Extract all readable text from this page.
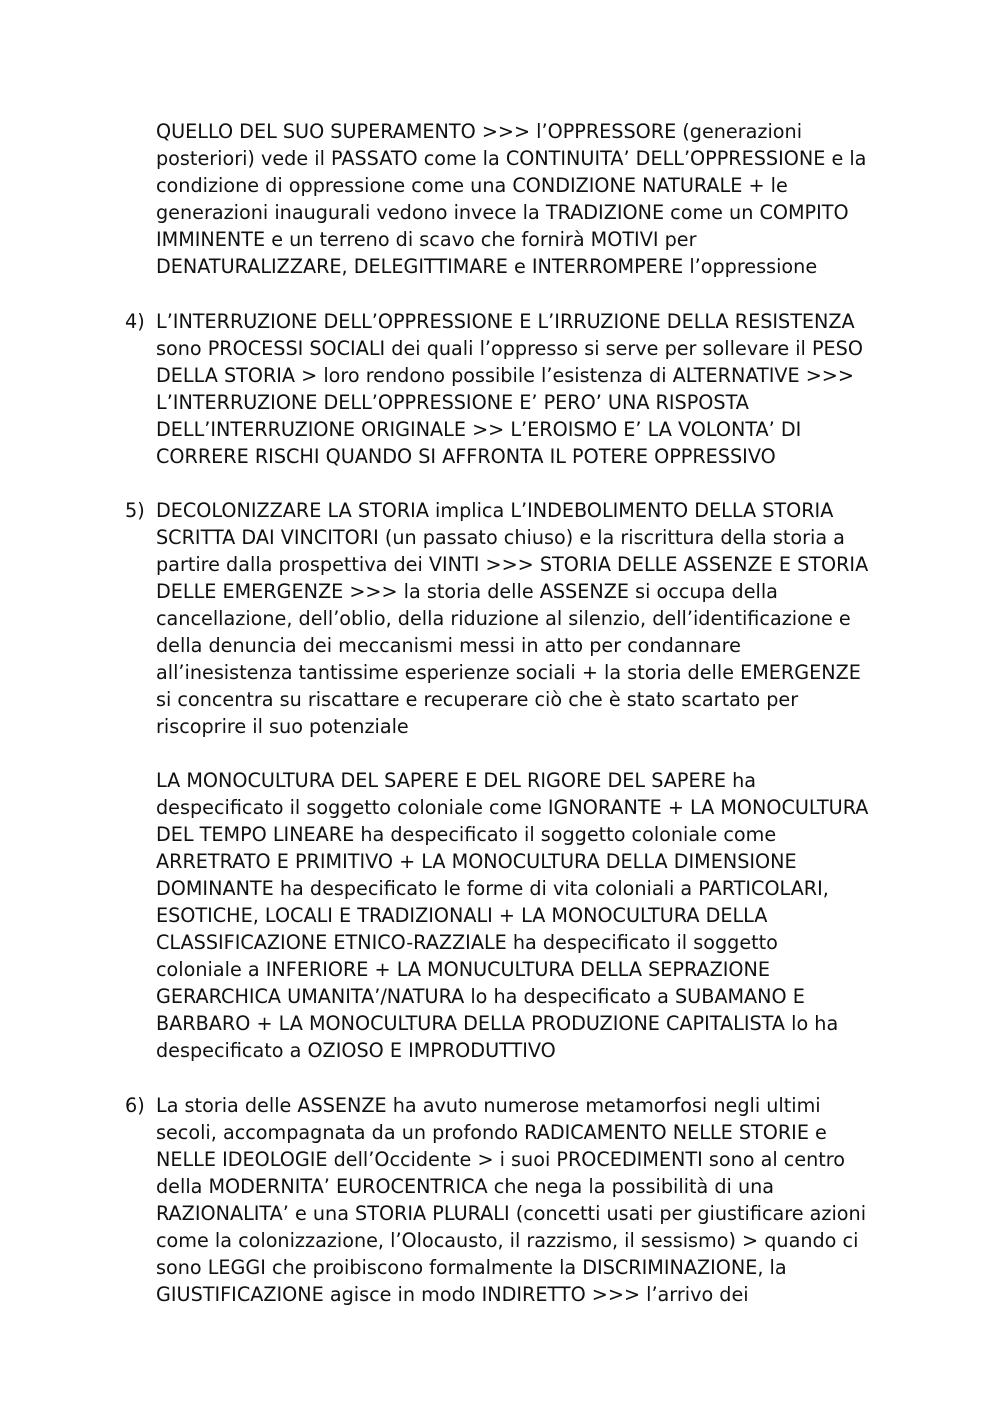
QUELLO DEL SUO SUPERAMENTO >>> l’OPPRESSORE (generazioni
posteriori) vede il PASSATO come la CONTINUITA’ DELL’OPPRESSIONE e la
condizione di oppressione come una CONDIZIONE NATURALE + le
generazioni inaugurali vedono invece la TRADIZIONE come un COMPITO
IMMINENTE e un terreno di scavo che fornirà MOTIVI per
DENATURALIZZARE, DELEGITTIMARE e INTERROMPERE l’oppressione
4) L’INTERRUZIONE DELL’OPPRESSIONE E L’IRRUZIONE DELLA RESISTENZA
sono PROCESSI SOCIALI dei quali l’oppresso si serve per sollevare il PESO
DELLA STORIA > loro rendono possibile l’esistenza di ALTERNATIVE >>>
L’INTERRUZIONE DELL’OPPRESSIONE E’ PERO’ UNA RISPOSTA
DELL’INTERRUZIONE ORIGINALE >> L’EROISMO E’ LA VOLONTA’ DI
CORRERE RISCHI QUANDO SI AFFRONTA IL POTERE OPPRESSIVO
5) DECOLONIZZARE LA STORIA implica L’INDEBOLIMENTO DELLA STORIA
SCRITTA DAI VINCITORI (un passato chiuso) e la riscrittura della storia a
partire dalla prospettiva dei VINTI >>> STORIA DELLE ASSENZE E STORIA
DELLE EMERGENZE >>> la storia delle ASSENZE si occupa della
cancellazione, dell’oblio, della riduzione al silenzio, dell’identificazione e
della denuncia dei meccanismi messi in atto per condannare
all’inesistenza tantissime esperienze sociali + la storia delle EMERGENZE
si concentra su riscattare e recuperare ciò che è stato scartato per
riscoprire il suo potenziale
LA MONOCULTURA DEL SAPERE E DEL RIGORE DEL SAPERE ha
despecificato il soggetto coloniale come IGNORANTE + LA MONOCULTURA
DEL TEMPO LINEARE ha despecificato il soggetto coloniale come
ARRETRATO E PRIMITIVO + LA MONOCULTURA DELLA DIMENSIONE
DOMINANTE ha despecificato le forme di vita coloniali a PARTICOLARI,
ESOTICHE, LOCALI E TRADIZIONALI + LA MONOCULTURA DELLA
CLASSIFICAZIONE ETNICO-RAZZIALE ha despecificato il soggetto
coloniale a INFERIORE + LA MONUCULTURA DELLA SEPRAZIONE
GERARCHICA UMANITA’/NATURA lo ha despecificato a SUBAMANO E
BARBARO + LA MONOCULTURA DELLA PRODUZIONE CAPITALISTA lo ha
despecificato a OZIOSO E IMPRODUTTIVO
6) La storia delle ASSENZE ha avuto numerose metamorfosi negli ultimi
secoli, accompagnata da un profondo RADICAMENTO NELLE STORIE e
NELLE IDEOLOGIE dell’Occidente > i suoi PROCEDIMENTI sono al centro
della MODERNITA’ EUROCENTRICA che nega la possibilità di una
RAZIONALITA’ e una STORIA PLURALI (concetti usati per giustificare azioni
come la colonizzazione, l’Olocausto, il razzismo, il sessismo) > quando ci
sono LEGGI che proibiscono formalmente la DISCRIMINAZIONE, la
GIUSTIFICAZIONE agisce in modo INDIRETTO >>> l’arrivo dei
